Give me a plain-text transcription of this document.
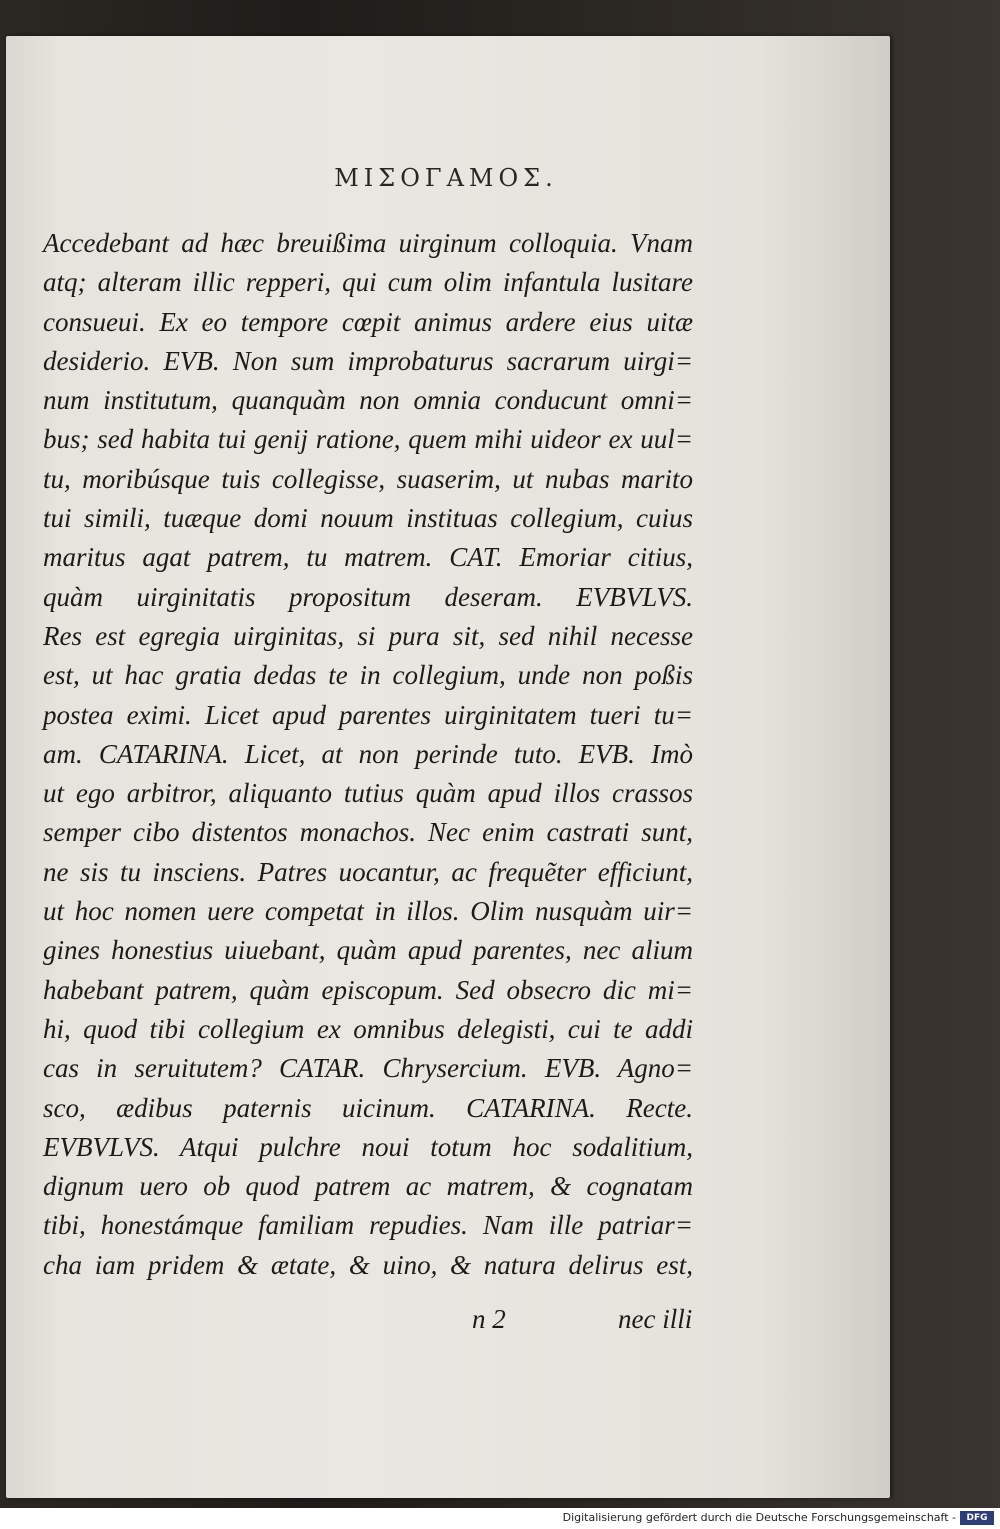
ΜΙΣΟΓΑΜΟΣ.
Accedebant ad hæc breuißima uirginum colloquia. Vnam
atq; alteram illic repperi, qui cum olim infantula lusitare
consueui. Ex eo tempore cœpit animus ardere eius uitæ
desiderio. EVB. Non sum improbaturus sacrarum uirgi=
num institutum, quanquàm non omnia conducunt omni=
bus; sed habita tui genij ratione, quem mihi uideor ex uul=
tu, moribúsque tuis collegisse, suaserim, ut nubas marito
tui simili, tuæque domi nouum instituas collegium, cuius
maritus agat patrem, tu matrem. CAT. Emoriar citius,
quàm uirginitatis propositum deseram. EVBVLVS.
Res est egregia uirginitas, si pura sit, sed nihil necesse
est, ut hac gratia dedas te in collegium, unde non poßis
postea eximi. Licet apud parentes uirginitatem tueri tu=
am. CATARINA. Licet, at non perinde tuto. EVB. Imò
ut ego arbitror, aliquanto tutius quàm apud illos crassos
semper cibo distentos monachos. Nec enim castrati sunt,
ne sis tu insciens. Patres uocantur, ac frequẽter efficiunt,
ut hoc nomen uere competat in illos. Olim nusquàm uir=
gines honestius uiuebant, quàm apud parentes, nec alium
habebant patrem, quàm episcopum. Sed obsecro dic mi=
hi, quod tibi collegium ex omnibus delegisti, cui te addi
cas in seruitutem? CATAR. Chrysercium. EVB. Agno=
sco, ædibus paternis uicinum. CATARINA. Recte.
EVBVLVS. Atqui pulchre noui totum hoc sodalitium,
dignum uero ob quod patrem ac matrem, & cognatam
tibi, honestámque familiam repudies. Nam ille patriar=
cha iam pridem & ætate, & uino, & natura delirus est,
n 2	nec illi
Digitalisierung gefördert durch die Deutsche Forschungsgemeinschaft -	DFG
